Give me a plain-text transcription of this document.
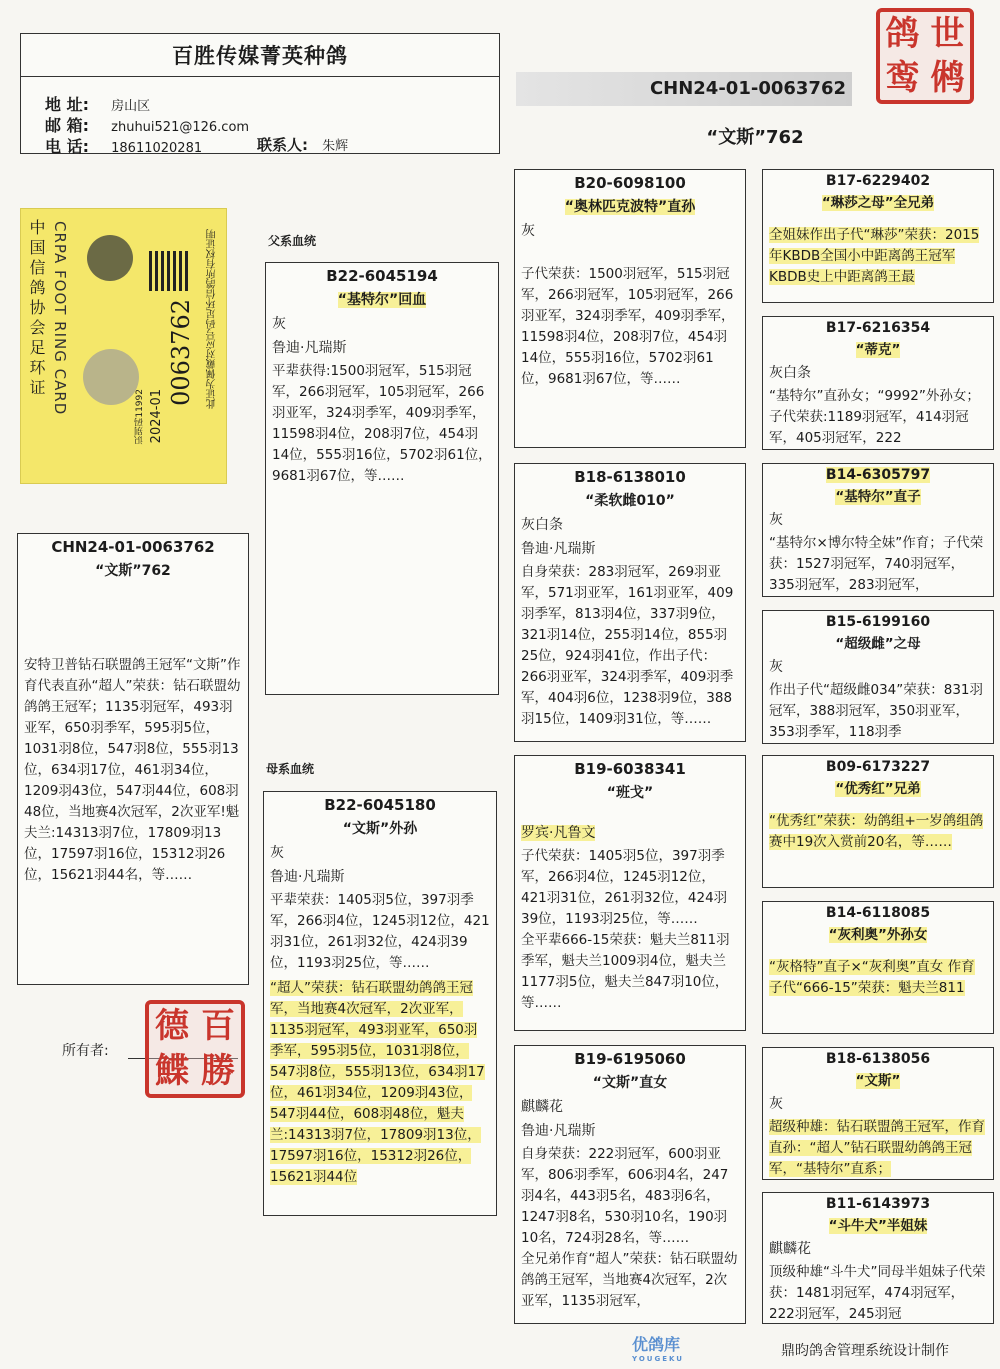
百胜传媒菁英种鸽
地 址: 房山区
邮 箱: zhuhui521@126.com
电 话: 18611020281	联系人: 朱辉
鸽 世
鸾 鸺
CHN24-01-0063762
“文斯”762
中国信鸽协会足环证 CRPA FOOT RING CARD	0063762
2024-01
识别码11992
此证为佩戴对应号码足环信鸽所有权证明	父系血统
母系血统
CHN24-01-0063762
“文斯”762
安特卫普钻石联盟鸽王冠军“文斯”作育代表直孙“超人”荣获：钻石联盟幼鸽鸽王冠军；1135羽冠军，493羽亚军，650羽季军，595羽5位，1031羽8位，547羽8位，555羽13位，634羽17位，461羽34位，1209羽43位，547羽44位，608羽48位，当地赛4次冠军，2次亚军!魁夫兰:14313羽7位，17809羽13位，17597羽16位，15312羽26位，15621羽44名，等……
B22-6045194
“基特尔”回血
灰
鲁迪·凡瑞斯
平辈获得:1500羽冠军，515羽冠军，266羽冠军，105羽冠军，266羽亚军，324羽季军，409羽季军，11598羽4位，208羽7位，454羽14位，555羽16位，5702羽61位，9681羽67位，等……
B22-6045180
“文斯”外孙
灰
鲁迪·凡瑞斯
平辈荣获：1405羽5位，397羽季军，266羽4位，1245羽12位，421羽31位，261羽32位，424羽39位，1193羽25位，等……
“超人”荣获：钻石联盟幼鸽鸽王冠军，当地赛4次冠军，2次亚军，1135羽冠军，493羽亚军，650羽季军，595羽5位，1031羽8位，547羽8位，555羽13位，634羽17位，461羽34位，1209羽43位，547羽44位，608羽48位，魁夫兰:14313羽7位，17809羽13位，17597羽16位，15312羽26位，15621羽44位
B20-6098100
“奥林匹克波特”直孙
灰
子代荣获：1500羽冠军，515羽冠军，266羽冠军，105羽冠军，266羽亚军，324羽季军，409羽季军，11598羽4位，208羽7位，454羽14位，555羽16位，5702羽61位，9681羽67位，等……
B18-6138010
“柔软雌010”
灰白条
鲁迪·凡瑞斯
自身荣获：283羽冠军，269羽亚军，571羽亚军，161羽亚军，409羽季军，813羽4位，337羽9位，321羽14位，255羽14位，855羽25位，924羽41位，作出子代：266羽亚军，324羽季军，409羽季军，404羽6位，1238羽9位，388羽15位，1409羽31位，等……
B19-6038341
“班戈”
罗宾·凡鲁文
子代荣获：1405羽5位，397羽季军，266羽4位，1245羽12位，421羽31位，261羽32位，424羽39位，1193羽25位，等……
全平辈666-15荣获：魁夫兰811羽季军，魁夫兰1009羽4位，魁夫兰1177羽5位，魁夫兰847羽10位，等……
B19-6195060
“文斯”直女
麒麟花
鲁迪·凡瑞斯
自身荣获：222羽冠军，600羽亚军，806羽季军，606羽4名，247羽4名，443羽5名，483羽6名，1247羽8名，530羽10名，190羽10名，724羽28名，等……
全兄弟作育“超人”荣获：钻石联盟幼鸽鸽王冠军，当地赛4次冠军，2次亚军，1135羽冠军，
B17-6229402
“琳莎之母”全兄弟
全姐妹作出子代“琳莎”荣获：2015年KBDB全国小中距离鸽王冠军KBDB史上中距离鸽王最
B17-6216354
“蒂克”
灰白条
“基特尔”直孙女；“9992”外孙女；子代荣获:1189羽冠军，414羽冠军，405羽冠军，222
B14-6305797
“基特尔”直子
灰
“基特尔×博尔特全妹”作育；子代荣获：1527羽冠军，740羽冠军，335羽冠军，283羽冠军，
B15-6199160
“超级雌”之母
灰
作出子代“超级雌034”荣获：831羽冠军，388羽冠军，350羽亚军，353羽季军，118羽季
B09-6173227
“优秀红”兄弟
“优秀红”荣获：幼鸽组+一岁鸽组鸽赛中19次入赏前20名，等……
B14-6118085
“灰利奥”外孙女
“灰格特”直子×“灰利奥”直女 作育
子代“666-15”荣获：魁夫兰811
B18-6138056
“文斯”
灰
超级种雄：钻石联盟鸽王冠军，作育直孙：“超人”钻石联盟幼鸽鸽王冠军，“基特尔”直系；
B11-6143973
“斗牛犬”半姐妹
麒麟花
顶级种雄“斗牛犬”同母半姐妹子代荣获：1481羽冠军，474羽冠军，222羽冠军，245羽冠
所有者:
德 百
鰈 勝
优鸽库
YOUGEKU	鼎昀鸽舍管理系统设计制作
